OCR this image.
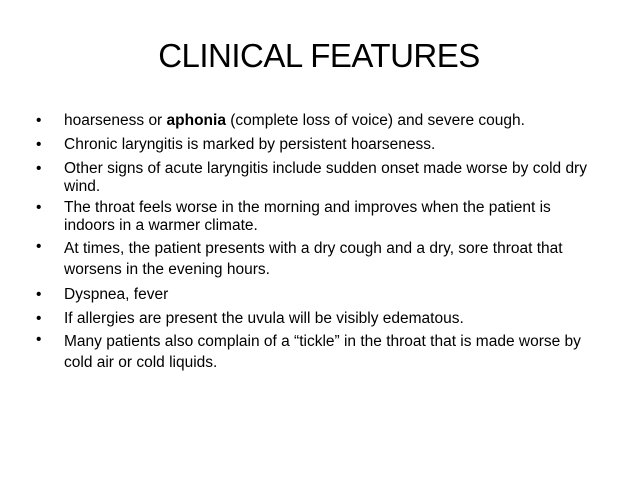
CLINICAL FEATURES
•	hoarseness or aphonia (complete loss of voice) and severe cough.
•	Chronic laryngitis is marked by persistent hoarseness.
•	Other signs of acute laryngitis include sudden onset made worse by cold dry wind.
•	The throat feels worse in the morning and improves when the patient is indoors in a warmer climate.
•	At times, the patient presents with a dry cough and a dry, sore throat that worsens in the evening hours.
•	Dyspnea, fever
•	If allergies are present the uvula will be visibly edematous.
•	Many patients also complain of a “tickle” in the throat that is made worse by cold air or cold liquids.
